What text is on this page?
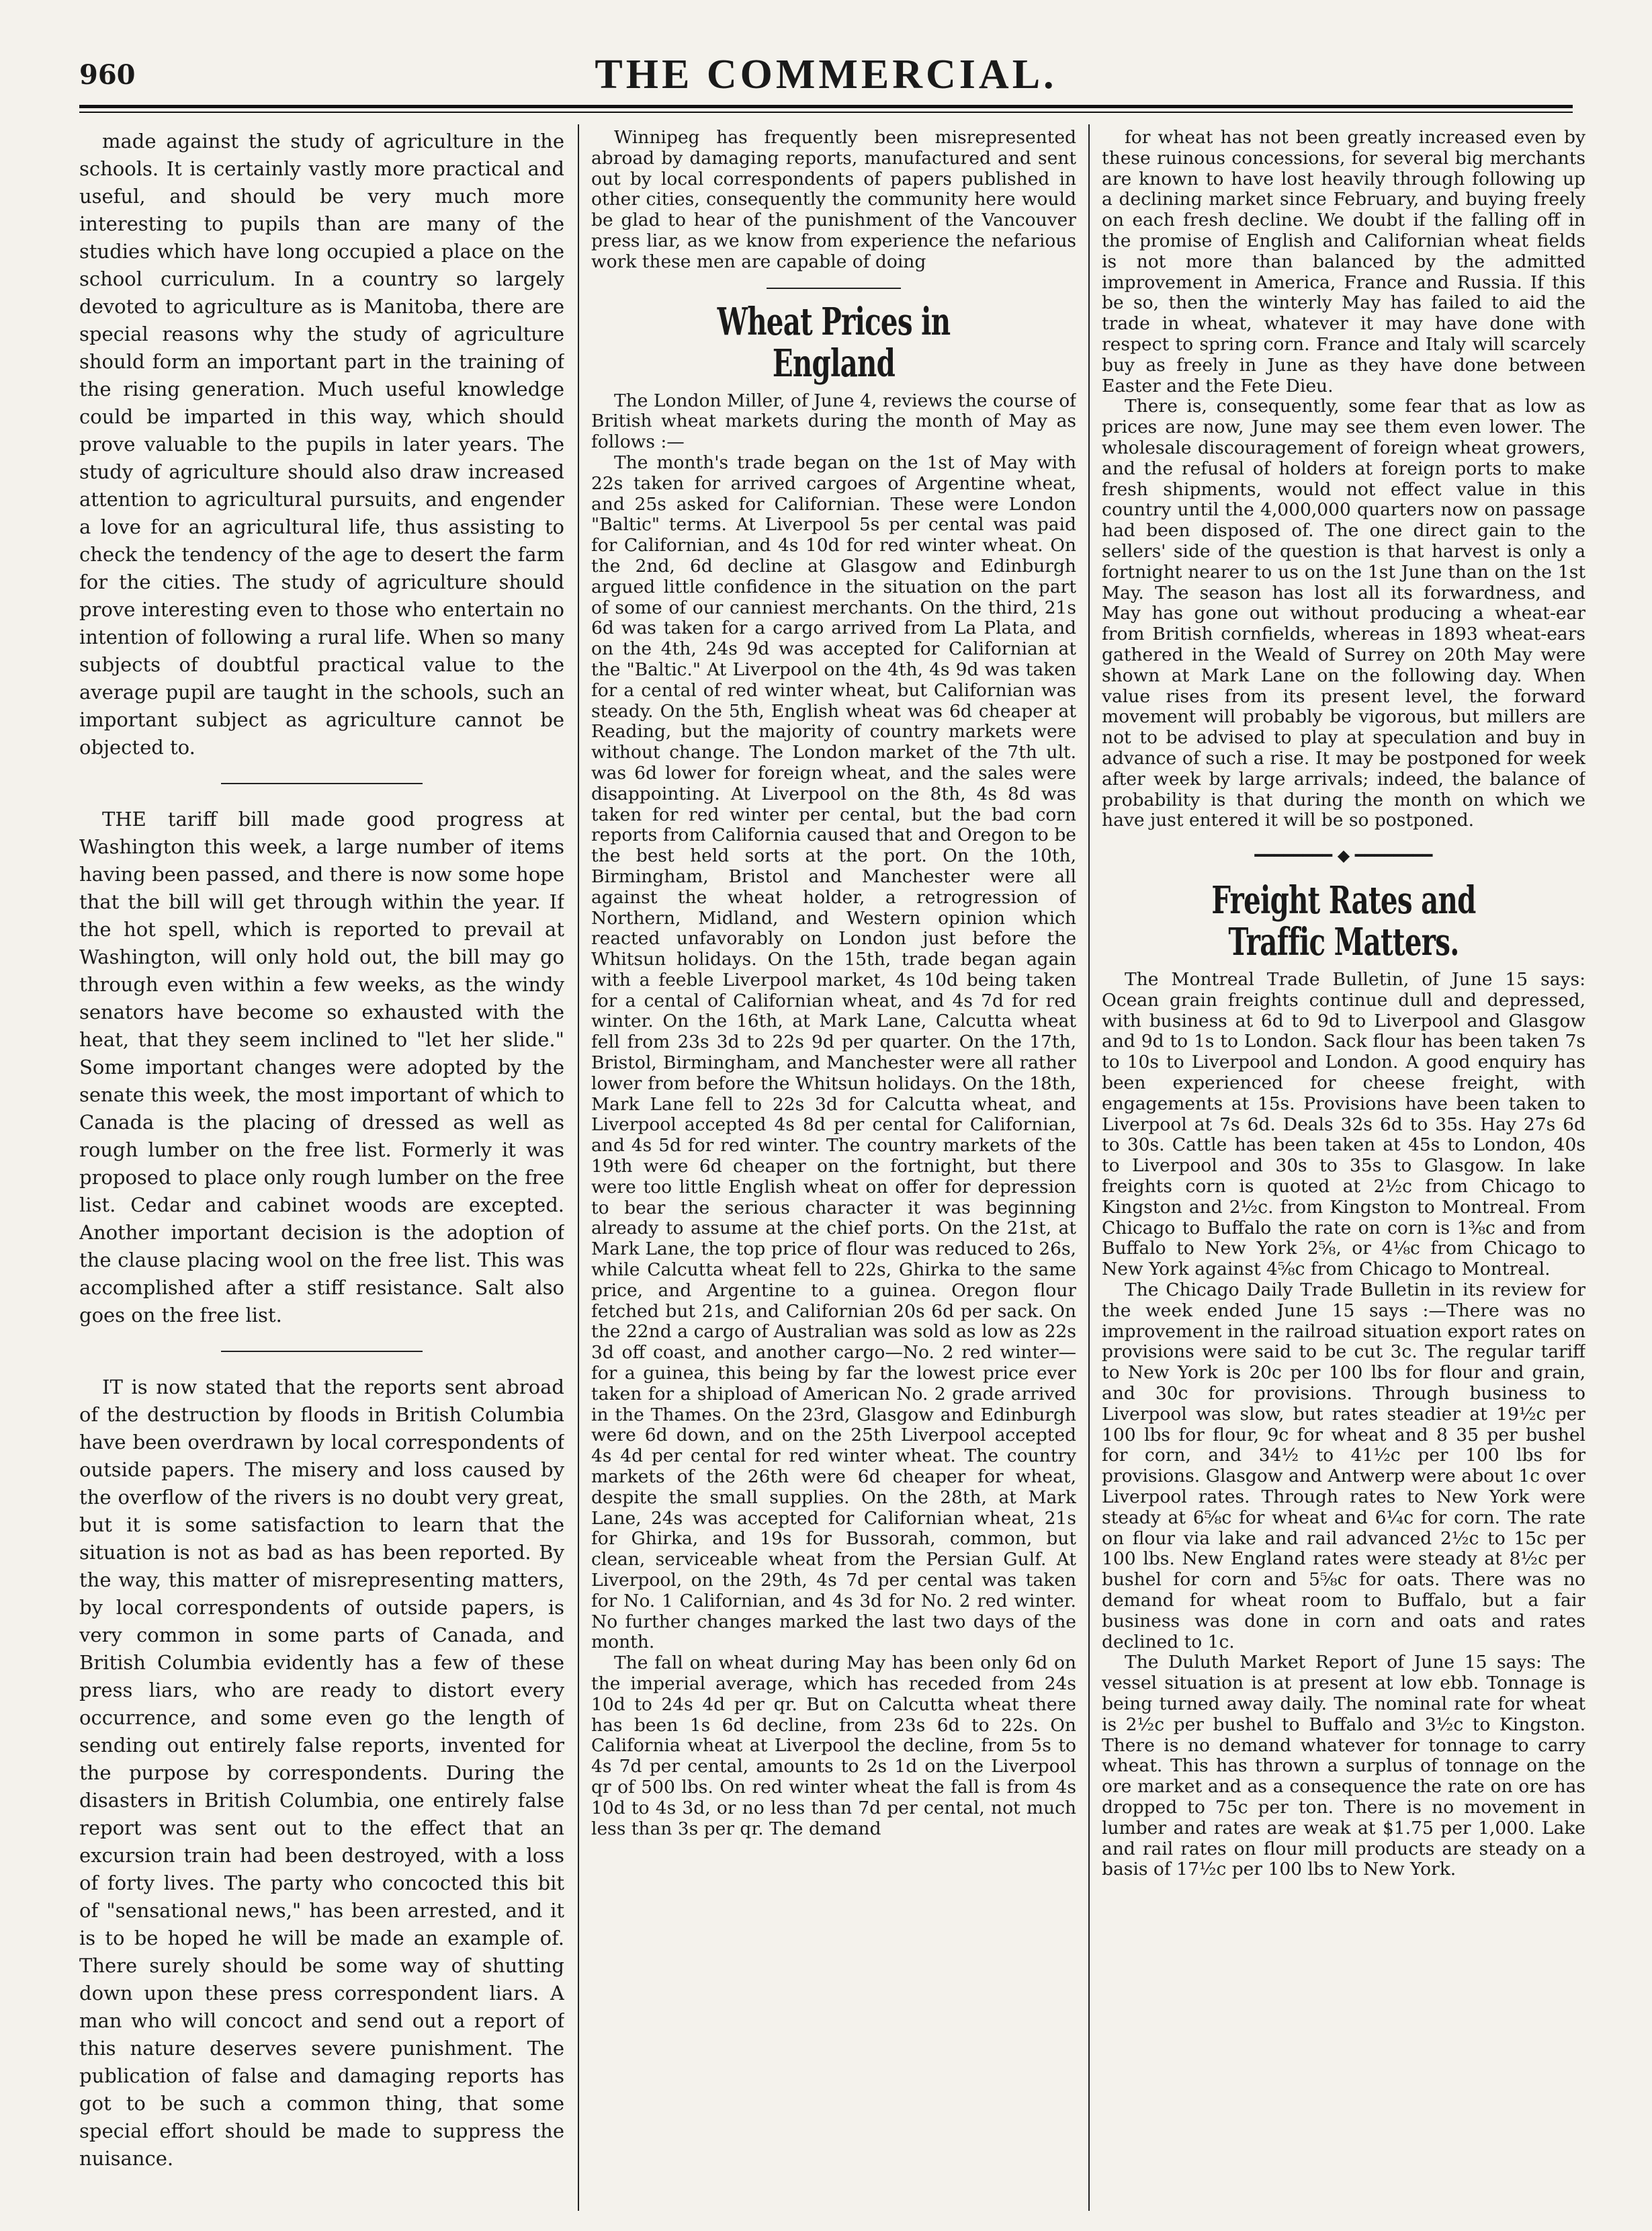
960	THE COMMERCIAL.

made against the study of agriculture in the schools. It is certainly vastly more practical and useful, and should be very much more interesting to pupils than are many of the studies which have long occupied a place on the school curriculum. In a country so largely devoted to agriculture as is Manitoba, there are special reasons why the study of agriculture should form an important part in the training of the rising generation. Much useful knowledge could be imparted in this way, which should prove valuable to the pupils in later years. The study of agriculture should also draw increased attention to agricultural pursuits, and engender a love for an agricultural life, thus assisting to check the tendency of the age to desert the farm for the cities. The study of agriculture should prove interesting even to those who entertain no intention of following a rural life. When so many subjects of doubtful practical value to the average pupil are taught in the schools, such an important subject as agriculture cannot be objected to.

THE tariff bill made good progress at Washington this week, a large number of items having been passed, and there is now some hope that the bill will get through within the year. If the hot spell, which is reported to prevail at Washington, will only hold out, the bill may go through even within a few weeks, as the windy senators have become so exhausted with the heat, that they seem inclined to "let her slide." Some important changes were adopted by the senate this week, the most important of which to Canada is the placing of dressed as well as rough lumber on the free list. Formerly it was proposed to place only rough lumber on the free list. Cedar and cabinet woods are excepted. Another important decision is the adoption of the clause placing wool on the free list. This was accomplished after a stiff resistance. Salt also goes on the free list.

IT is now stated that the reports sent abroad of the destruction by floods in British Columbia have been overdrawn by local correspondents of outside papers. The misery and loss caused by the overflow of the rivers is no doubt very great, but it is some satisfaction to learn that the situation is not as bad as has been reported. By the way, this matter of misrepresenting matters, by local correspondents of outside papers, is very common in some parts of Canada, and British Columbia evidently has a few of these press liars, who are ready to distort every occurrence, and some even go the length of sending out entirely false reports, invented for the purpose by correspondents. During the disasters in British Columbia, one entirely false report was sent out to the effect that an excursion train had been destroyed, with a loss of forty lives. The party who concocted this bit of "sensational news," has been arrested, and it is to be hoped he will be made an example of. There surely should be some way of shutting down upon these press correspondent liars. A man who will concoct and send out a report of this nature deserves severe punishment. The publication of false and damaging reports has got to be such a common thing, that some special effort should be made to suppress the nuisance.

Winnipeg has frequently been misrepresented abroad by damaging reports, manufactured and sent out by local correspondents of papers published in other cities, consequently the community here would be glad to hear of the punishment of the Vancouver press liar, as we know from experience the nefarious work these men are capable of doing

Wheat Prices in England

The London Miller, of June 4, reviews the course of British wheat markets during the month of May as follows :—

The month's trade began on the 1st of May with 22s taken for arrived cargoes of Argentine wheat, and 25s asked for Californian. These were London "Baltic" terms. At Liverpool 5s per cental was paid for Californian, and 4s 10d for red winter wheat. On the 2nd, 6d decline at Glasgow and Edinburgh argued little confidence in the situation on the part of some of our canniest merchants. On the third, 21s 6d was taken for a cargo arrived from La Plata, and on the 4th, 24s 9d was accepted for Californian at the "Baltic." At Liverpool on the 4th, 4s 9d was taken for a cental of red winter wheat, but Californian was steady. On the 5th, English wheat was 6d cheaper at Reading, but the majority of country markets were without change. The London market of the 7th ult. was 6d lower for foreign wheat, and the sales were disappointing. At Liverpool on the 8th, 4s 8d was taken for red winter per cental, but the bad corn reports from California caused that and Oregon to be the best held sorts at the port. On the 10th, Birmingham, Bristol and Manchester were all against the wheat holder, a retrogression of Northern, Midland, and Western opinion which reacted unfavorably on London just before the Whitsun holidays. On the 15th, trade began again with a feeble Liverpool market, 4s 10d being taken for a cental of Californian wheat, and 4s 7d for red winter. On the 16th, at Mark Lane, Calcutta wheat fell from 23s 3d to 22s 9d per quarter. On the 17th, Bristol, Birmingham, and Manchester were all rather lower from before the Whitsun holidays. On the 18th, Mark Lane fell to 22s 3d for Calcutta wheat, and Liverpool accepted 4s 8d per cental for Californian, and 4s 5d for red winter. The country markets of the 19th were 6d cheaper on the fortnight, but there were too little English wheat on offer for depression to bear the serious character it was beginning already to assume at the chief ports. On the 21st, at Mark Lane, the top price of flour was reduced to 26s, while Calcutta wheat fell to 22s, Ghirka to the same price, and Argentine to a guinea. Oregon flour fetched but 21s, and Californian 20s 6d per sack. On the 22nd a cargo of Australian was sold as low as 22s 3d off coast, and another cargo—No. 2 red winter—for a guinea, this being by far the lowest price ever taken for a shipload of American No. 2 grade arrived in the Thames. On the 23rd, Glasgow and Edinburgh were 6d down, and on the 25th Liverpool accepted 4s 4d per cental for red winter wheat. The country markets of the 26th were 6d cheaper for wheat, despite the small supplies. On the 28th, at Mark Lane, 24s was accepted for Californian wheat, 21s for Ghirka, and 19s for Bussorah, common, but clean, serviceable wheat from the Persian Gulf. At Liverpool, on the 29th, 4s 7d per cental was taken for No. 1 Californian, and 4s 3d for No. 2 red winter. No further changes marked the last two days of the month.

The fall on wheat during May has been only 6d on the imperial average, which has receded from 24s 10d to 24s 4d per qr. But on Calcutta wheat there has been 1s 6d decline, from 23s 6d to 22s. On California wheat at Liverpool the decline, from 5s to 4s 7d per cental, amounts to 2s 1d on the Liverpool qr of 500 lbs. On red winter wheat the fall is from 4s 10d to 4s 3d, or no less than 7d per cental, not much less than 3s per qr. The demand

for wheat has not been greatly increased even by these ruinous concessions, for several big merchants are known to have lost heavily through following up a declining market since February, and buying freely on each fresh decline. We doubt if the falling off in the promise of English and Californian wheat fields is not more than balanced by the admitted improvement in America, France and Russia. If this be so, then the winterly May has failed to aid the trade in wheat, whatever it may have done with respect to spring corn. France and Italy will scarcely buy as freely in June as they have done between Easter and the Fete Dieu.

There is, consequently, some fear that as low as prices are now, June may see them even lower. The wholesale discouragement of foreign wheat growers, and the refusal of holders at foreign ports to make fresh shipments, would not effect value in this country until the 4,000,000 quarters now on passage had been disposed of. The one direct gain to the sellers' side of the question is that harvest is only a fortnight nearer to us on the 1st June than on the 1st May. The season has lost all its forwardness, and May has gone out without producing a wheat-ear from British cornfields, whereas in 1893 wheat-ears gathered in the Weald of Surrey on 20th May were shown at Mark Lane on the following day. When value rises from its present level, the forward movement will probably be vigorous, but millers are not to be advised to play at speculation and buy in advance of such a rise. It may be postponed for week after week by large arrivals; indeed, the balance of probability is that during the month on which we have just entered it will be so postponed.

━━━━━━━━ ◆ ━━━━━━━━
Freight Rates and Traffic Matters.

The Montreal Trade Bulletin, of June 15 says: Ocean grain freights continue dull and depressed, with business at 6d to 9d to Liverpool and Glasgow and 9d to 1s to London. Sack flour has been taken 7s to 10s to Liverpool and London. A good enquiry has been experienced for cheese freight, with engagements at 15s. Provisions have been taken to Liverpool at 7s 6d. Deals 32s 6d to 35s. Hay 27s 6d to 30s. Cattle has been taken at 45s to London, 40s to Liverpool and 30s to 35s to Glasgow. In lake freights corn is quoted at 2½c from Chicago to Kingston and 2½c. from Kingston to Montreal. From Chicago to Buffalo the rate on corn is 1⅜c and from Buffalo to New York 2⅝, or 4⅛c from Chicago to New York against 4⅝c from Chicago to Montreal.

The Chicago Daily Trade Bulletin in its review for the week ended June 15 says :—There was no improvement in the railroad situation export rates on provisions were said to be cut 3c. The regular tariff to New York is 20c per 100 lbs for flour and grain, and 30c for provisions. Through business to Liverpool was slow, but rates steadier at 19½c per 100 lbs for flour, 9c for wheat and 8 35 per bushel for corn, and 34½ to 41½c per 100 lbs for provisions. Glasgow and Antwerp were about 1c over Liverpool rates. Through rates to New York were steady at 6⅝c for wheat and 6¼c for corn. The rate on flour via lake and rail advanced 2½c to 15c per 100 lbs. New England rates were steady at 8½c per bushel for corn and 5⅝c for oats. There was no demand for wheat room to Buffalo, but a fair business was done in corn and oats and rates declined to 1c.

The Duluth Market Report of June 15 says: The vessel situation is at present at low ebb. Tonnage is being turned away daily. The nominal rate for wheat is 2½c per bushel to Buffalo and 3½c to Kingston. There is no demand whatever for tonnage to carry wheat. This has thrown a surplus of tonnage on the ore market and as a consequence the rate on ore has dropped to 75c per ton. There is no movement in lumber and rates are weak at $1.75 per 1,000. Lake and rail rates on flour mill products are steady on a basis of 17½c per 100 lbs to New York.
